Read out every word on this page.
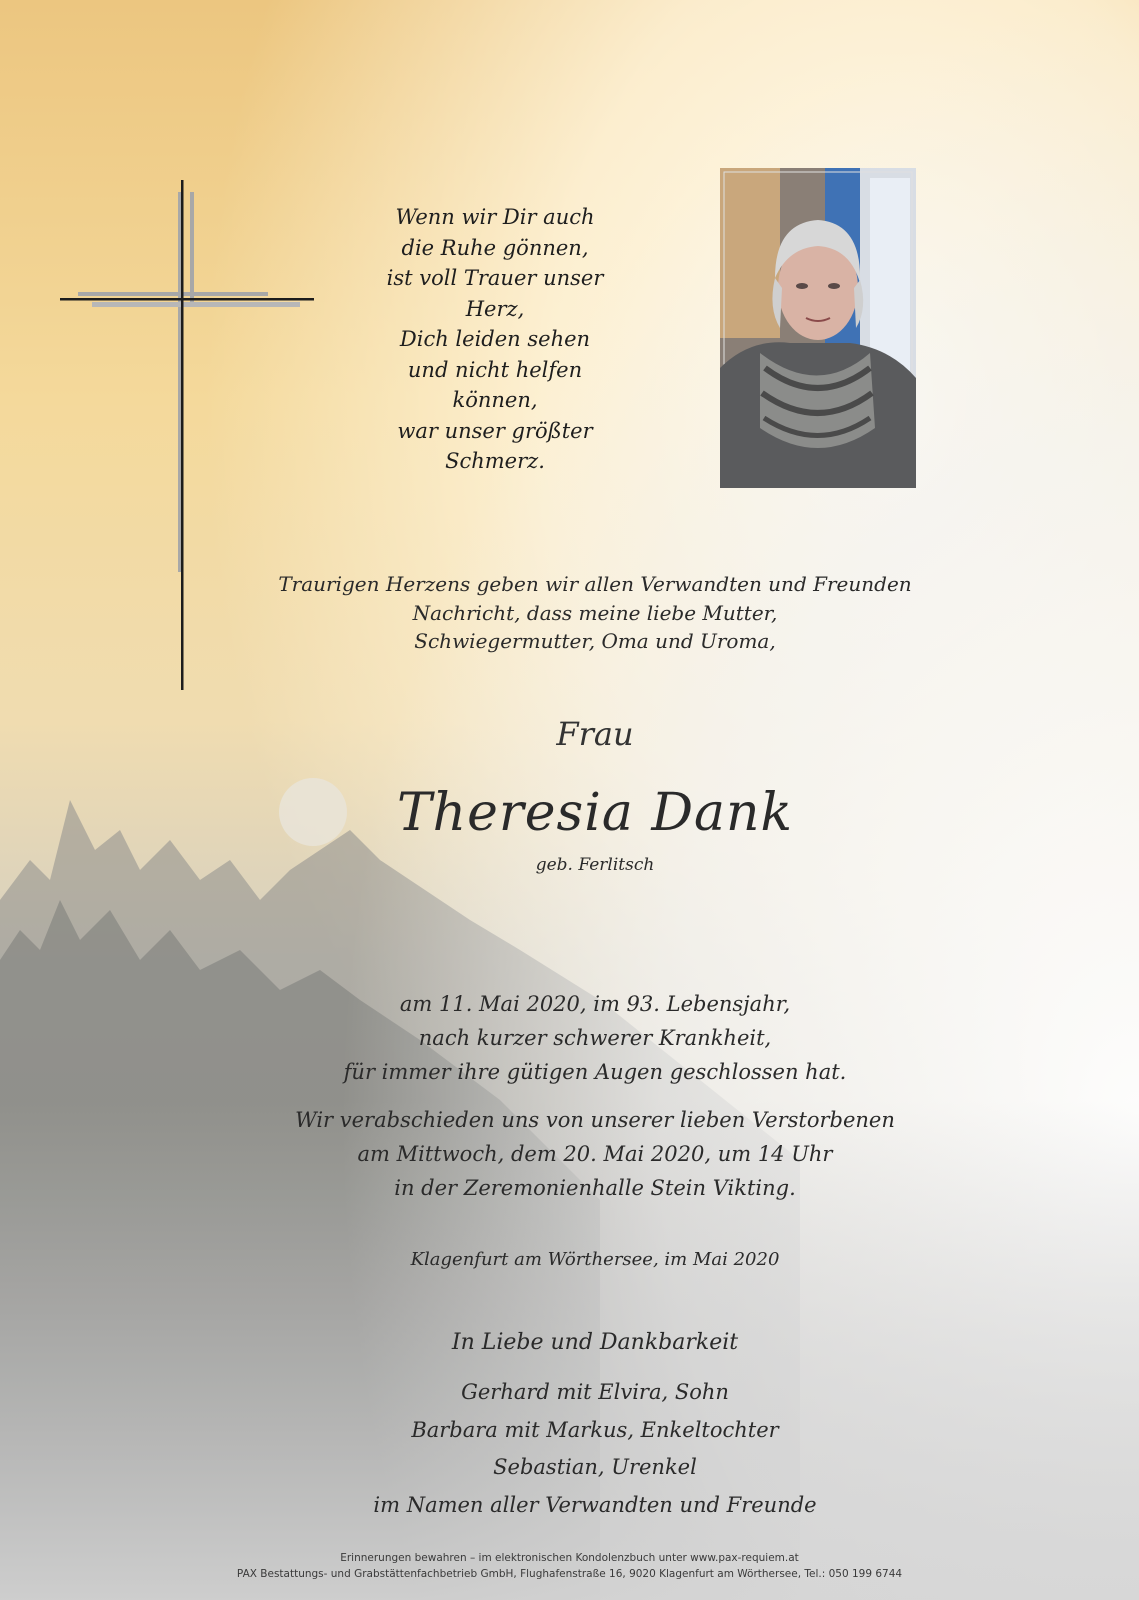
Wenn wir Dir auch
die Ruhe gönnen,
ist voll Trauer unser
Herz,
Dich leiden sehen
und nicht helfen
können,
war unser größter
Schmerz.
Traurigen Herzens geben wir allen Verwandten und Freunden
Nachricht, dass meine liebe Mutter,
Schwiegermutter, Oma und Uroma,
Frau
Theresia Dank
geb. Ferlitsch
am 11. Mai 2020, im 93. Lebensjahr,
nach kurzer schwerer Krankheit,
für immer ihre gütigen Augen geschlossen hat.
Wir verabschieden uns von unserer lieben Verstorbenen
am Mittwoch, dem 20. Mai 2020, um 14 Uhr
in der Zeremonienhalle Stein Vikting.
Klagenfurt am Wörthersee, im Mai 2020
In Liebe und Dankbarkeit
Gerhard mit Elvira, Sohn
Barbara mit Markus, Enkeltochter
Sebastian, Urenkel
im Namen aller Verwandten und Freunde
Erinnerungen bewahren – im elektronischen Kondolenzbuch unter www.pax-requiem.at
PAX Bestattungs- und Grabstättenfachbetrieb GmbH, Flughafenstraße 16, 9020 Klagenfurt am Wörthersee, Tel.: 050 199 6744
